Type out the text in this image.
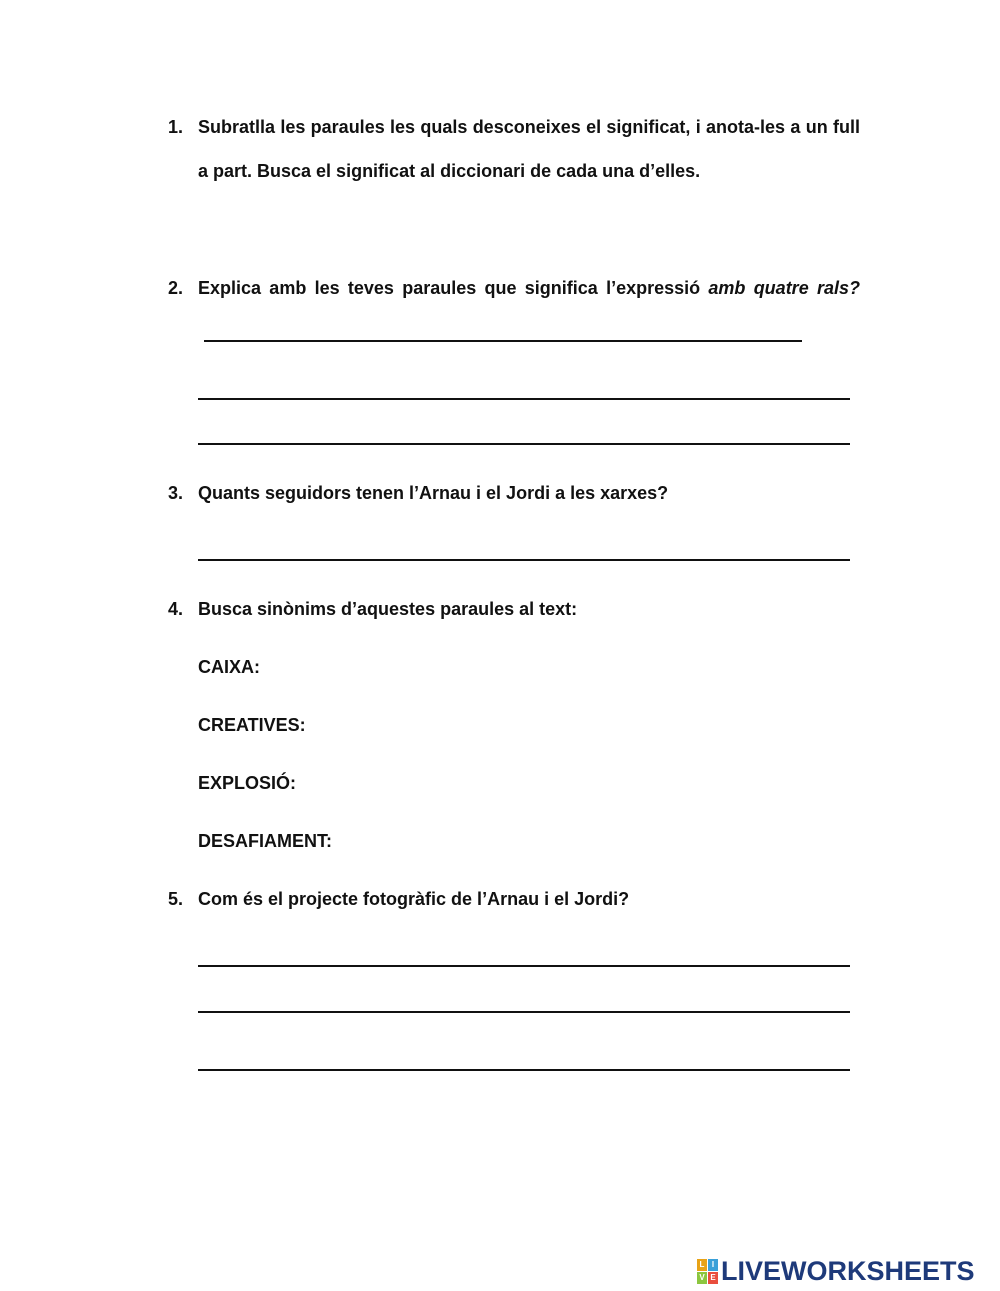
1. Subratlla les paraules les quals desconeixes el significat, i anota-les a un full a part. Busca el significat al diccionari de cada una d’elles.
2. Explica amb les teves paraules que significa l’expressió amb quatre rals?
3. Quants seguidors tenen l’Arnau i el Jordi a les xarxes?
4. Busca sinònims d’aquestes paraules al text:
CAIXA:
CREATIVES:
EXPLOSIÓ:
DESAFIAMENT:
5. Com és el projecte fotogràfic de l’Arnau i el Jordi?
L I
V E LIVEWORKSHEETS
